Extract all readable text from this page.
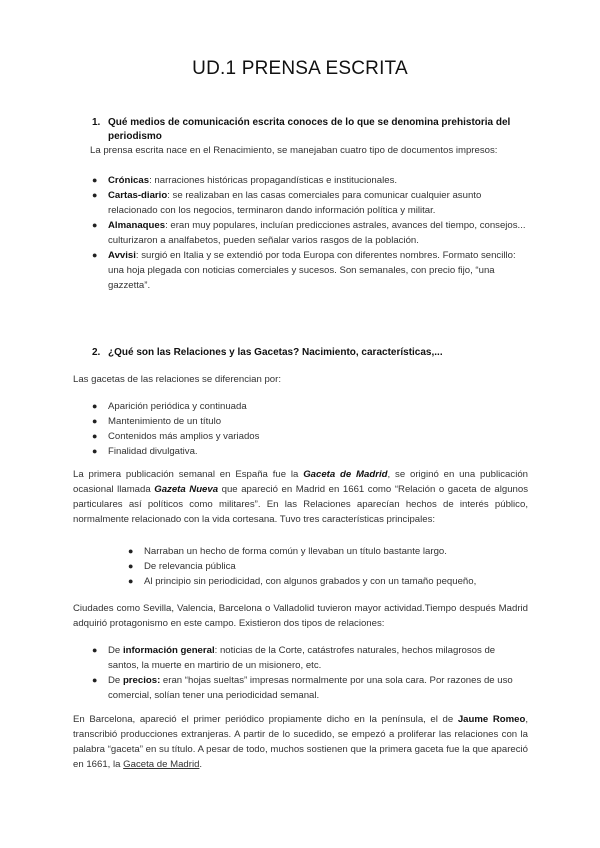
UD.1 PRENSA ESCRITA
1. Qué medios de comunicación escrita conoces de lo que se denomina prehistoria del periodismo
La prensa escrita nace en el Renacimiento, se manejaban cuatro tipo de documentos impresos:
● Crónicas: narraciones históricas propagandísticas e institucionales.
● Cartas-diario: se realizaban en las casas comerciales para comunicar cualquier asunto relacionado con los negocios, terminaron dando información política y militar.
● Almanaques: eran muy populares, incluían predicciones astrales, avances del tiempo, consejos... culturizaron a analfabetos, pueden señalar varios rasgos de la población.
● Avvisi: surgió en Italia y se extendió por toda Europa con diferentes nombres. Formato sencillo: una hoja plegada con noticias comerciales y sucesos. Son semanales, con precio fijo, “una gazzetta”.
2. ¿Qué son las Relaciones y las Gacetas? Nacimiento, características,...
Las gacetas de las relaciones se diferencian por:
● Aparición periódica y continuada
● Mantenimiento de un título
● Contenidos más amplios y variados
● Finalidad divulgativa.
La primera publicación semanal en España fue la Gaceta de Madrid, se originó en una publicación ocasional llamada Gazeta Nueva que apareció en Madrid en 1661 como “Relación o gaceta de algunos particulares así políticos como militares”. En las Relaciones aparecían hechos de interés público, normalmente relacionado con la vida cortesana. Tuvo tres características principales:
● Narraban un hecho de forma común y llevaban un título bastante largo.
● De relevancia pública
● Al principio sin periodicidad, con algunos grabados y con un tamaño pequeño,
Ciudades como Sevilla, Valencia, Barcelona o Valladolid tuvieron mayor actividad.Tiempo después Madrid adquirió protagonismo en este campo. Existieron dos tipos de relaciones:
● De información general: noticias de la Corte, catástrofes naturales, hechos milagrosos de santos, la muerte en martirio de un misionero, etc.
● De precios: eran “hojas sueltas” impresas normalmente por una sola cara. Por razones de uso comercial, solían tener una periodicidad semanal.
En Barcelona, apareció el primer periódico propiamente dicho en la península, el de Jaume Romeo, transcribió producciones extranjeras. A partir de lo sucedido, se empezó a proliferar las relaciones con la palabra “gaceta” en su título. A pesar de todo, muchos sostienen que la primera gaceta fue la que apareció en 1661, la Gaceta de Madrid.
